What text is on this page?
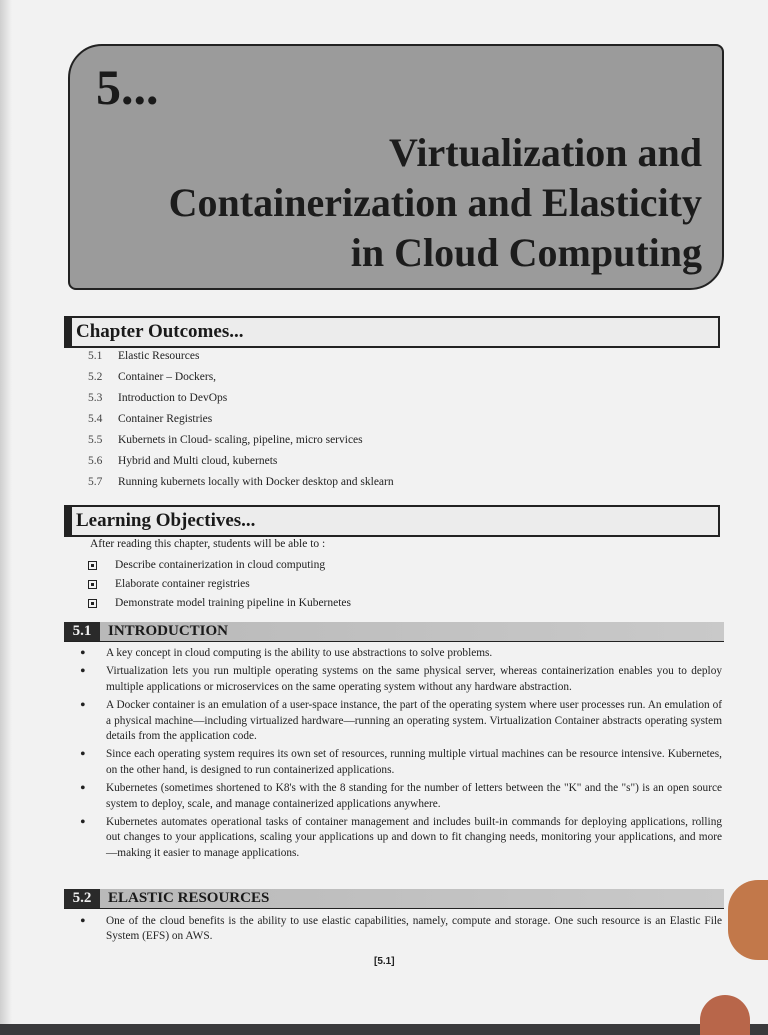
5...
Virtualization and
Containerization and Elasticity
in Cloud Computing
Chapter Outcomes...
5.1	Elastic Resources
5.2	Container – Dockers,
5.3	Introduction to DevOps
5.4	Container Registries
5.5	Kubernets in Cloud- scaling, pipeline, micro services
5.6	Hybrid and Multi cloud, kubernets
5.7	Running kubernets locally with Docker desktop and sklearn
Learning Objectives...
After reading this chapter, students will be able to :
Describe containerization in cloud computing
Elaborate container registries
Demonstrate model training pipeline in Kubernetes
5.1 INTRODUCTION
•	A key concept in cloud computing is the ability to use abstractions to solve problems.
•	Virtualization lets you run multiple operating systems on the same physical server, whereas containerization enables you to deploy multiple applications or microservices on the same operating system without any hardware abstraction.
•	A Docker container is an emulation of a user-space instance, the part of the operating system where user processes run. An emulation of a physical machine—including virtualized hardware—running an operating system. Virtualization Container abstracts operating system details from the application code.
•	Since each operating system requires its own set of resources, running multiple virtual machines can be resource intensive. Kubernetes, on the other hand, is designed to run containerized applications.
•	Kubernetes (sometimes shortened to K8's with the 8 standing for the number of letters between the "K" and the "s") is an open source system to deploy, scale, and manage containerized applications anywhere.
•	Kubernetes automates operational tasks of container management and includes built-in commands for deploying applications, rolling out changes to your applications, scaling your applications up and down to fit changing needs, monitoring your applications, and more—making it easier to manage applications.
5.2 ELASTIC RESOURCES
•	One of the cloud benefits is the ability to use elastic capabilities, namely, compute and storage. One such resource is an Elastic File System (EFS) on AWS.
[5.1]
